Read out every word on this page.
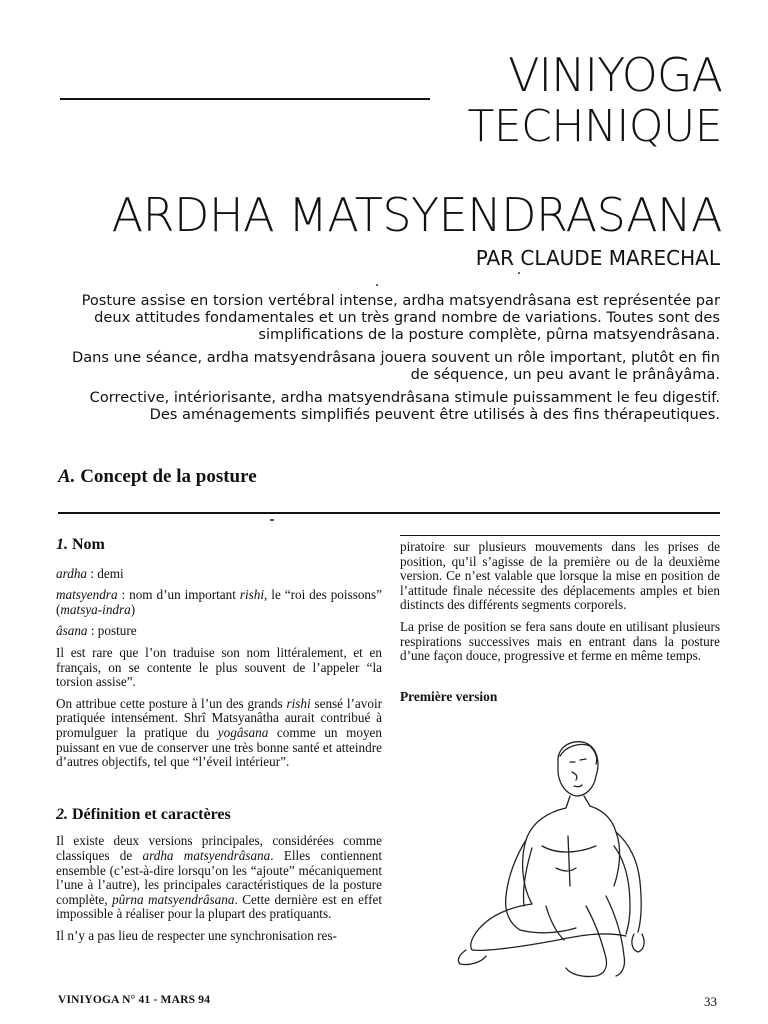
VINIYOGA
TECHNIQUE
ARDHA MATSYENDRASANA
PAR CLAUDE MARECHAL

Posture assise en torsion vertébral intense, ardha matsyendrâsana est représentée par deux attitudes fondamentales et un très grand nombre de variations. Toutes sont des simplifications de la posture complète, pûrna matsyendrâsana.

Dans une séance, ardha matsyendrâsana jouera souvent un rôle important, plutôt en fin de séquence, un peu avant le prânâyâma.

Corrective, intériorisante, ardha matsyendrâsana stimule puissamment le feu digestif. Des aménagements simplifiés peuvent être utilisés à des fins thérapeutiques.

A. Concept de la posture
1. Nom

ardha : demi

matsyendra : nom d’un important rishi, le “roi des poissons” (matsya-indra)

âsana : posture

Il est rare que l’on traduise son nom littéralement, et en français, on se contente le plus souvent de l’appeler “la torsion assise”.

On attribue cette posture à l’un des grands rishi sensé l’avoir pratiquée intensément. Shrî Matsyanâtha aurait contribué à promulguer la pratique du yogâsana comme un moyen puissant en vue de conserver une très bonne santé et atteindre d’autres objectifs, tel que “l’éveil intérieur”.

2. Définition et caractères

Il existe deux versions principales, considérées comme classiques de ardha matsyendrâsana. Elles contiennent ensemble (c’est-à-dire lorsqu’on les “ajoute” mécaniquement l’une à l’autre), les principales caractéristiques de la posture complète, pûrna matsyendrâsana. Cette dernière est en effet impossible à réaliser pour la plupart des pratiquants.

Il n’y a pas lieu de respecter une synchronisation res-

piratoire sur plusieurs mouvements dans les prises de position, qu’il s’agisse de la première ou de la deuxième version. Ce n’est valable que lorsque la mise en position de l’attitude finale nécessite des déplacements amples et bien distincts des différents segments corporels.

La prise de position se fera sans doute en utilisant plusieurs respirations successives mais en entrant dans la posture d’une façon douce, progressive et ferme en même temps.

Première version
VINIYOGA N° 41 - MARS 94	33
